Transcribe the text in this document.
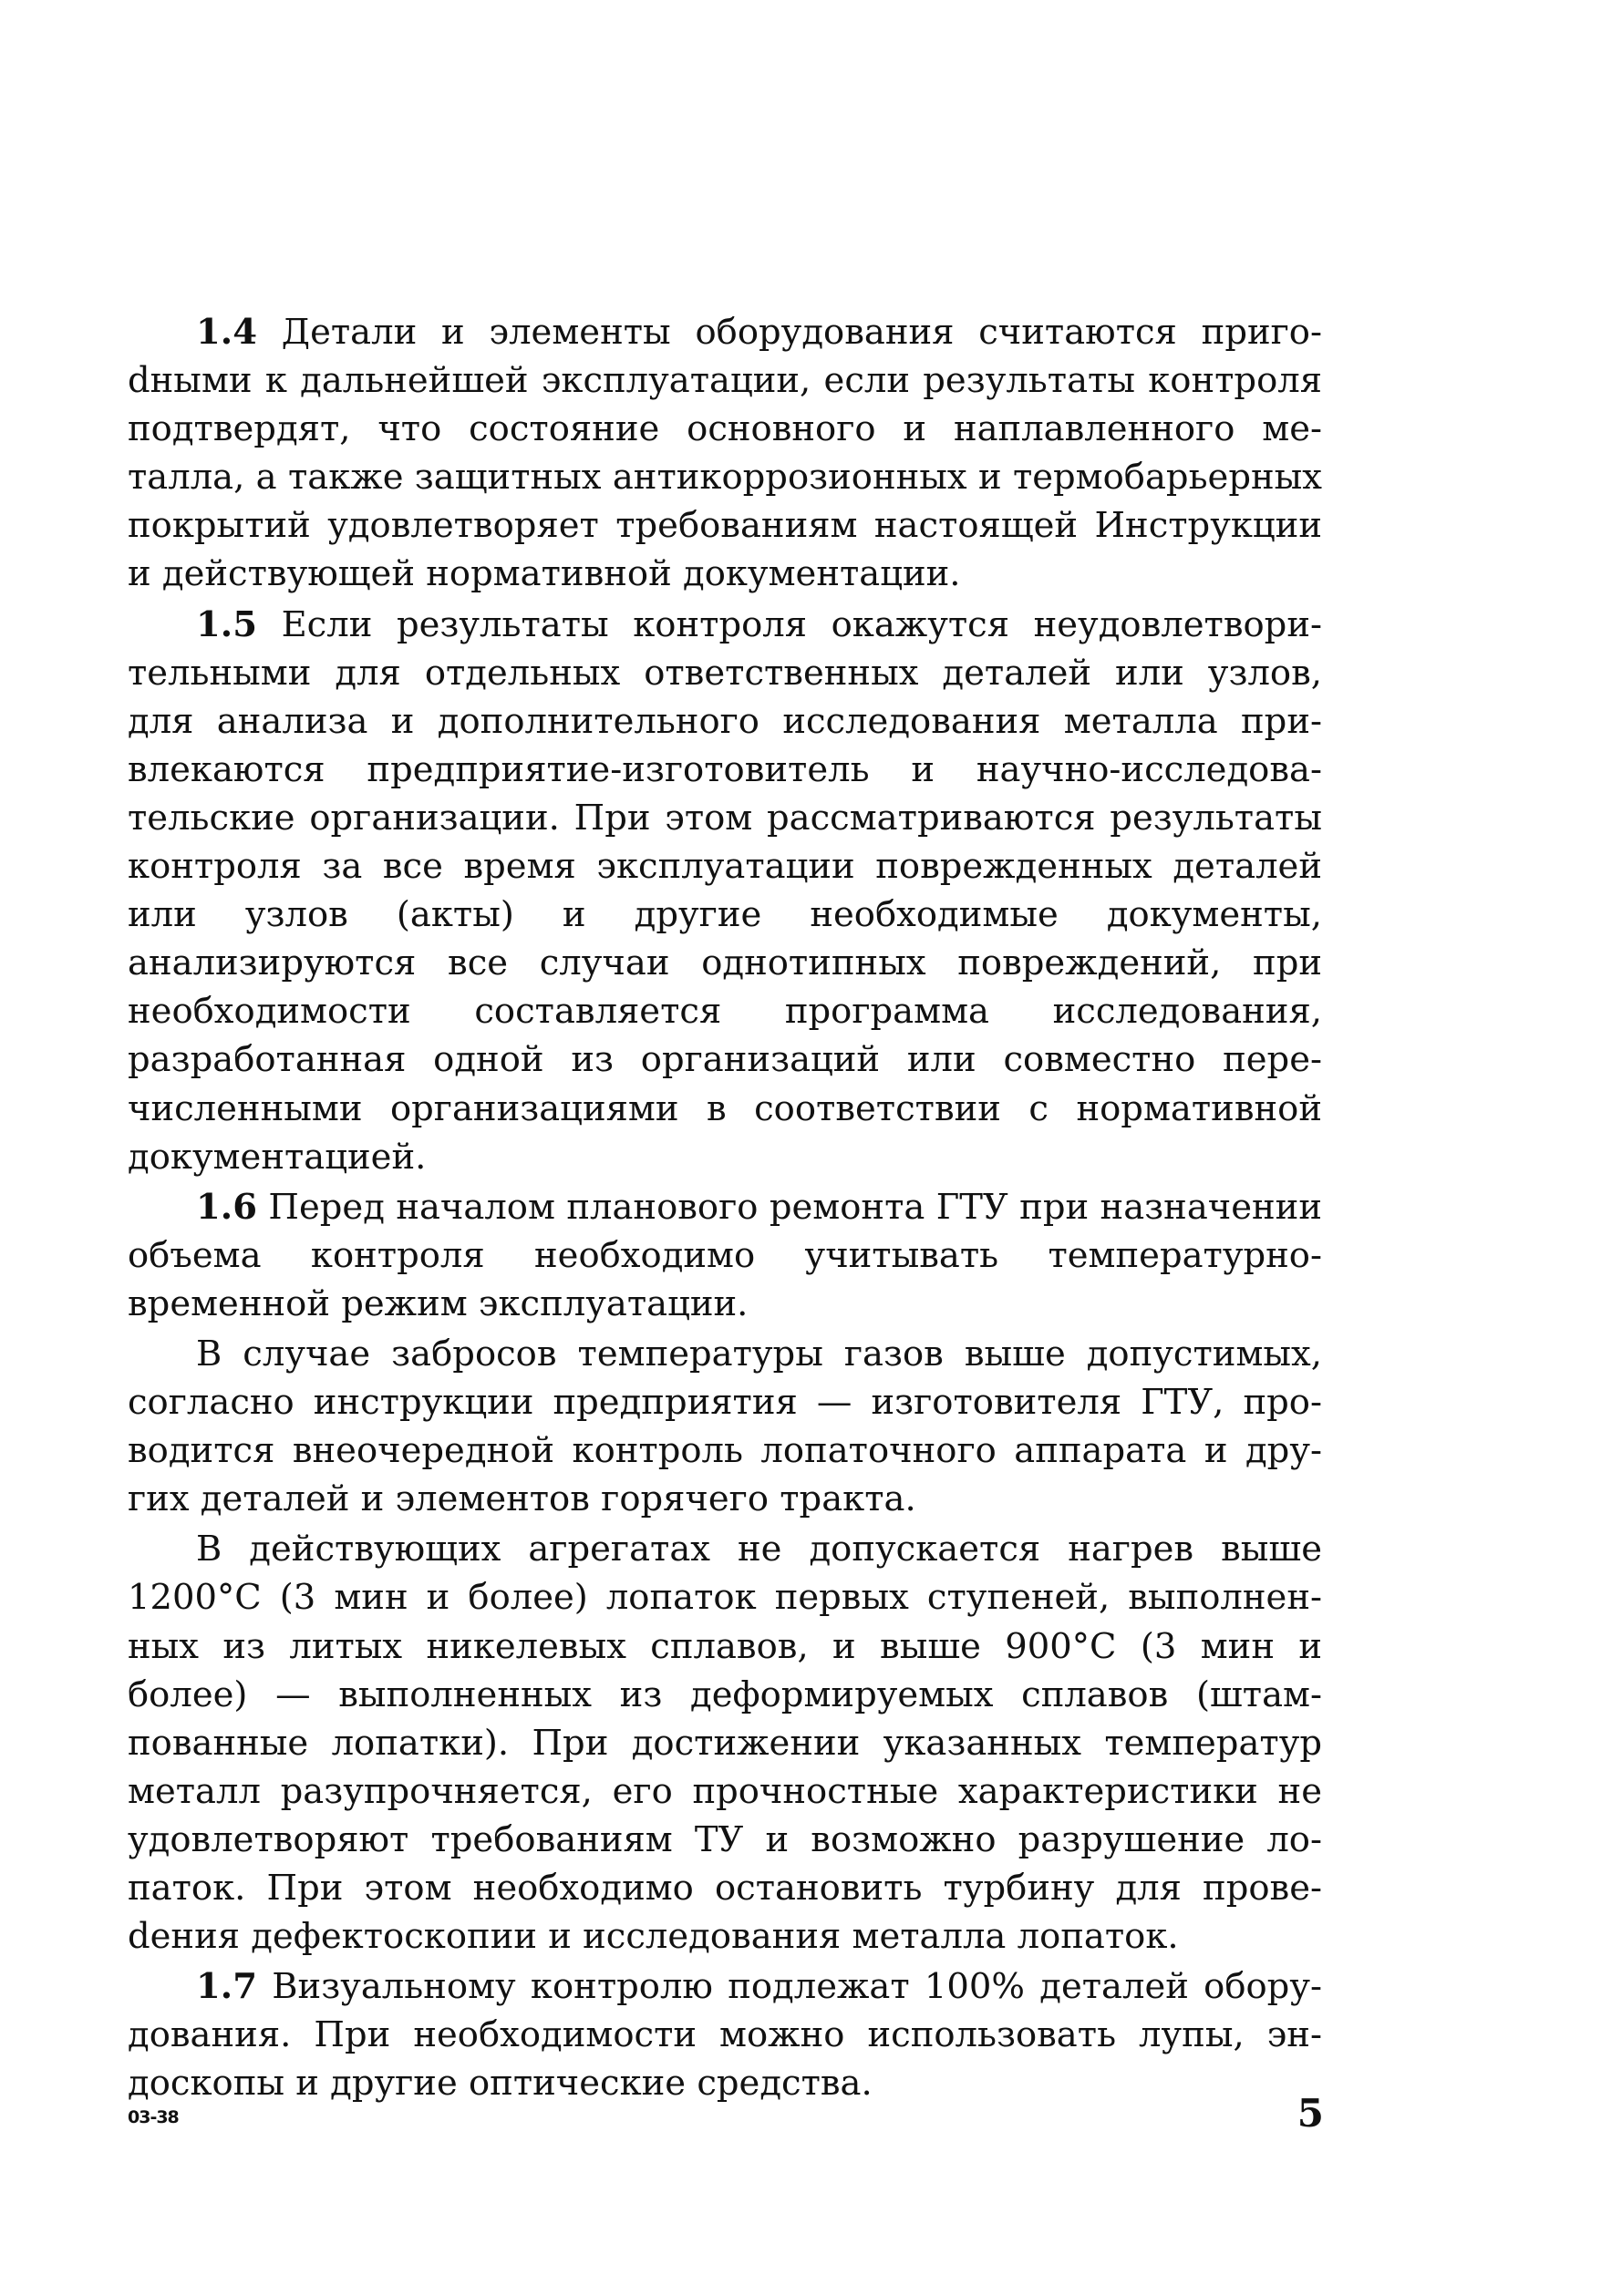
1.4 Детали и элементы оборудования считаются пригоdными к дальнейшей эксплуатации, если результаты контроля подтвердят, что состояние основного и наплавленного металла, а также защитных антикоррозионных и термобарьерных покрытий удовлетворяет требованиям настоящей Инструкции и действующей нормативной документации.

1.5 Если результаты контроля окажутся неудовлетворительными для отдельных ответственных деталей или узлов, для анализа и дополнительного исследования металла привлекаются предприятие-изготовитель и научно-исследовательские организации. При этом рассматриваются результаты контроля за все время эксплуатации поврежденных деталей или узлов (акты) и другие необходимые документы, анализируются все случаи однотипных повреждений, при необходимости составляется программа исследования, разработанная одной из организаций или совместно перечисленными организациями в соответствии с нормативной документацией.

1.6 Перед началом планового ремонта ГТУ при назначении объема контроля необходимо учитывать температурно-временной режим эксплуатации.

В случае забросов температуры газов выше допустимых, согласно инструкции предприятия — изготовителя ГТУ, проводится внеочередной контроль лопаточного аппарата и других деталей и элементов горячего тракта.

В действующих агрегатах не допускается нагрев выше 1200°С (3 мин и более) лопаток первых ступеней, выполненных из литых никелевых сплавов, и выше 900°С (3 мин и более) — выполненных из деформируемых сплавов (штампованные лопатки). При достижении указанных температур металл разупрочняется, его прочностные характеристики не удовлетворяют требованиям ТУ и возможно разрушение лопаток. При этом необходимо остановить турбину для провеdения дефектоскопии и исследования металла лопаток.

1.7 Визуальному контролю подлежат 100% деталей оборудования. При необходимости можно использовать лупы, эндоскопы и другие оптические средства.

03-38	5
